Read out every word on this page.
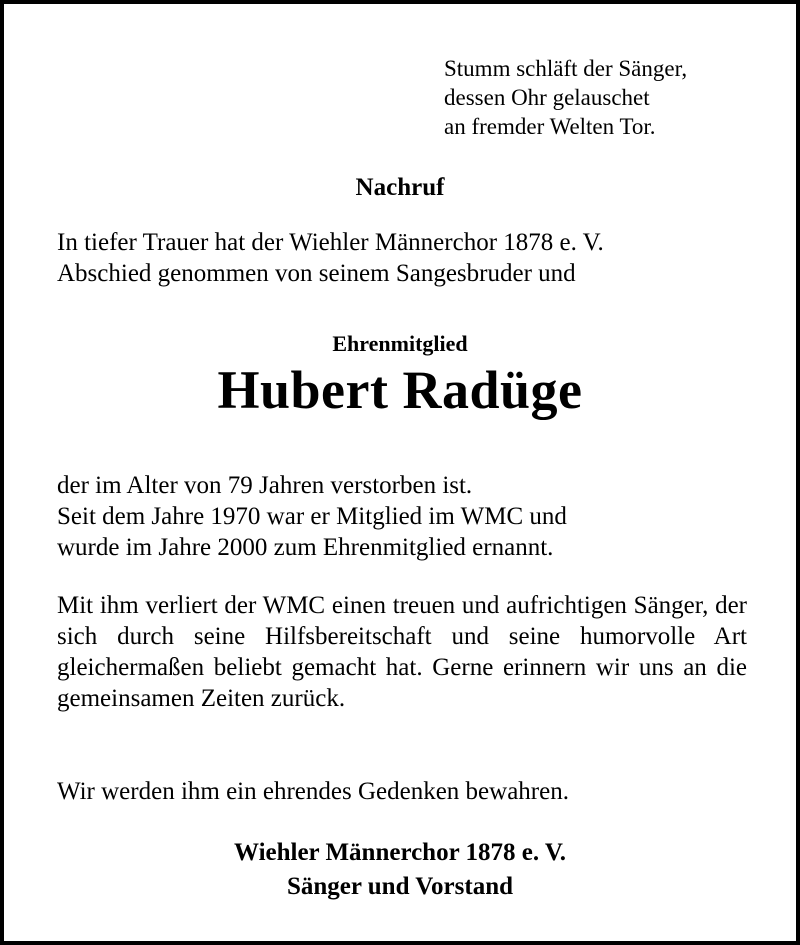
Stumm schläft der Sänger,
dessen Ohr gelauschet
an fremder Welten Tor.
Nachruf
In tiefer Trauer hat der Wiehler Männerchor 1878 e. V.
Abschied genommen von seinem Sangesbruder und
Ehrenmitglied
Hubert Radüge
der im Alter von 79 Jahren verstorben ist.
Seit dem Jahre 1970 war er Mitglied im WMC und
wurde im Jahre 2000 zum Ehrenmitglied ernannt.
Mit ihm verliert der WMC einen treuen und aufrichtigen Sänger, der sich durch seine Hilfsbereitschaft und seine humorvolle Art gleichermaßen beliebt gemacht hat. Gerne erinnern wir uns an die gemeinsamen Zeiten zurück.
Wir werden ihm ein ehrendes Gedenken bewahren.
Wiehler Männerchor 1878 e. V.
Sänger und Vorstand
